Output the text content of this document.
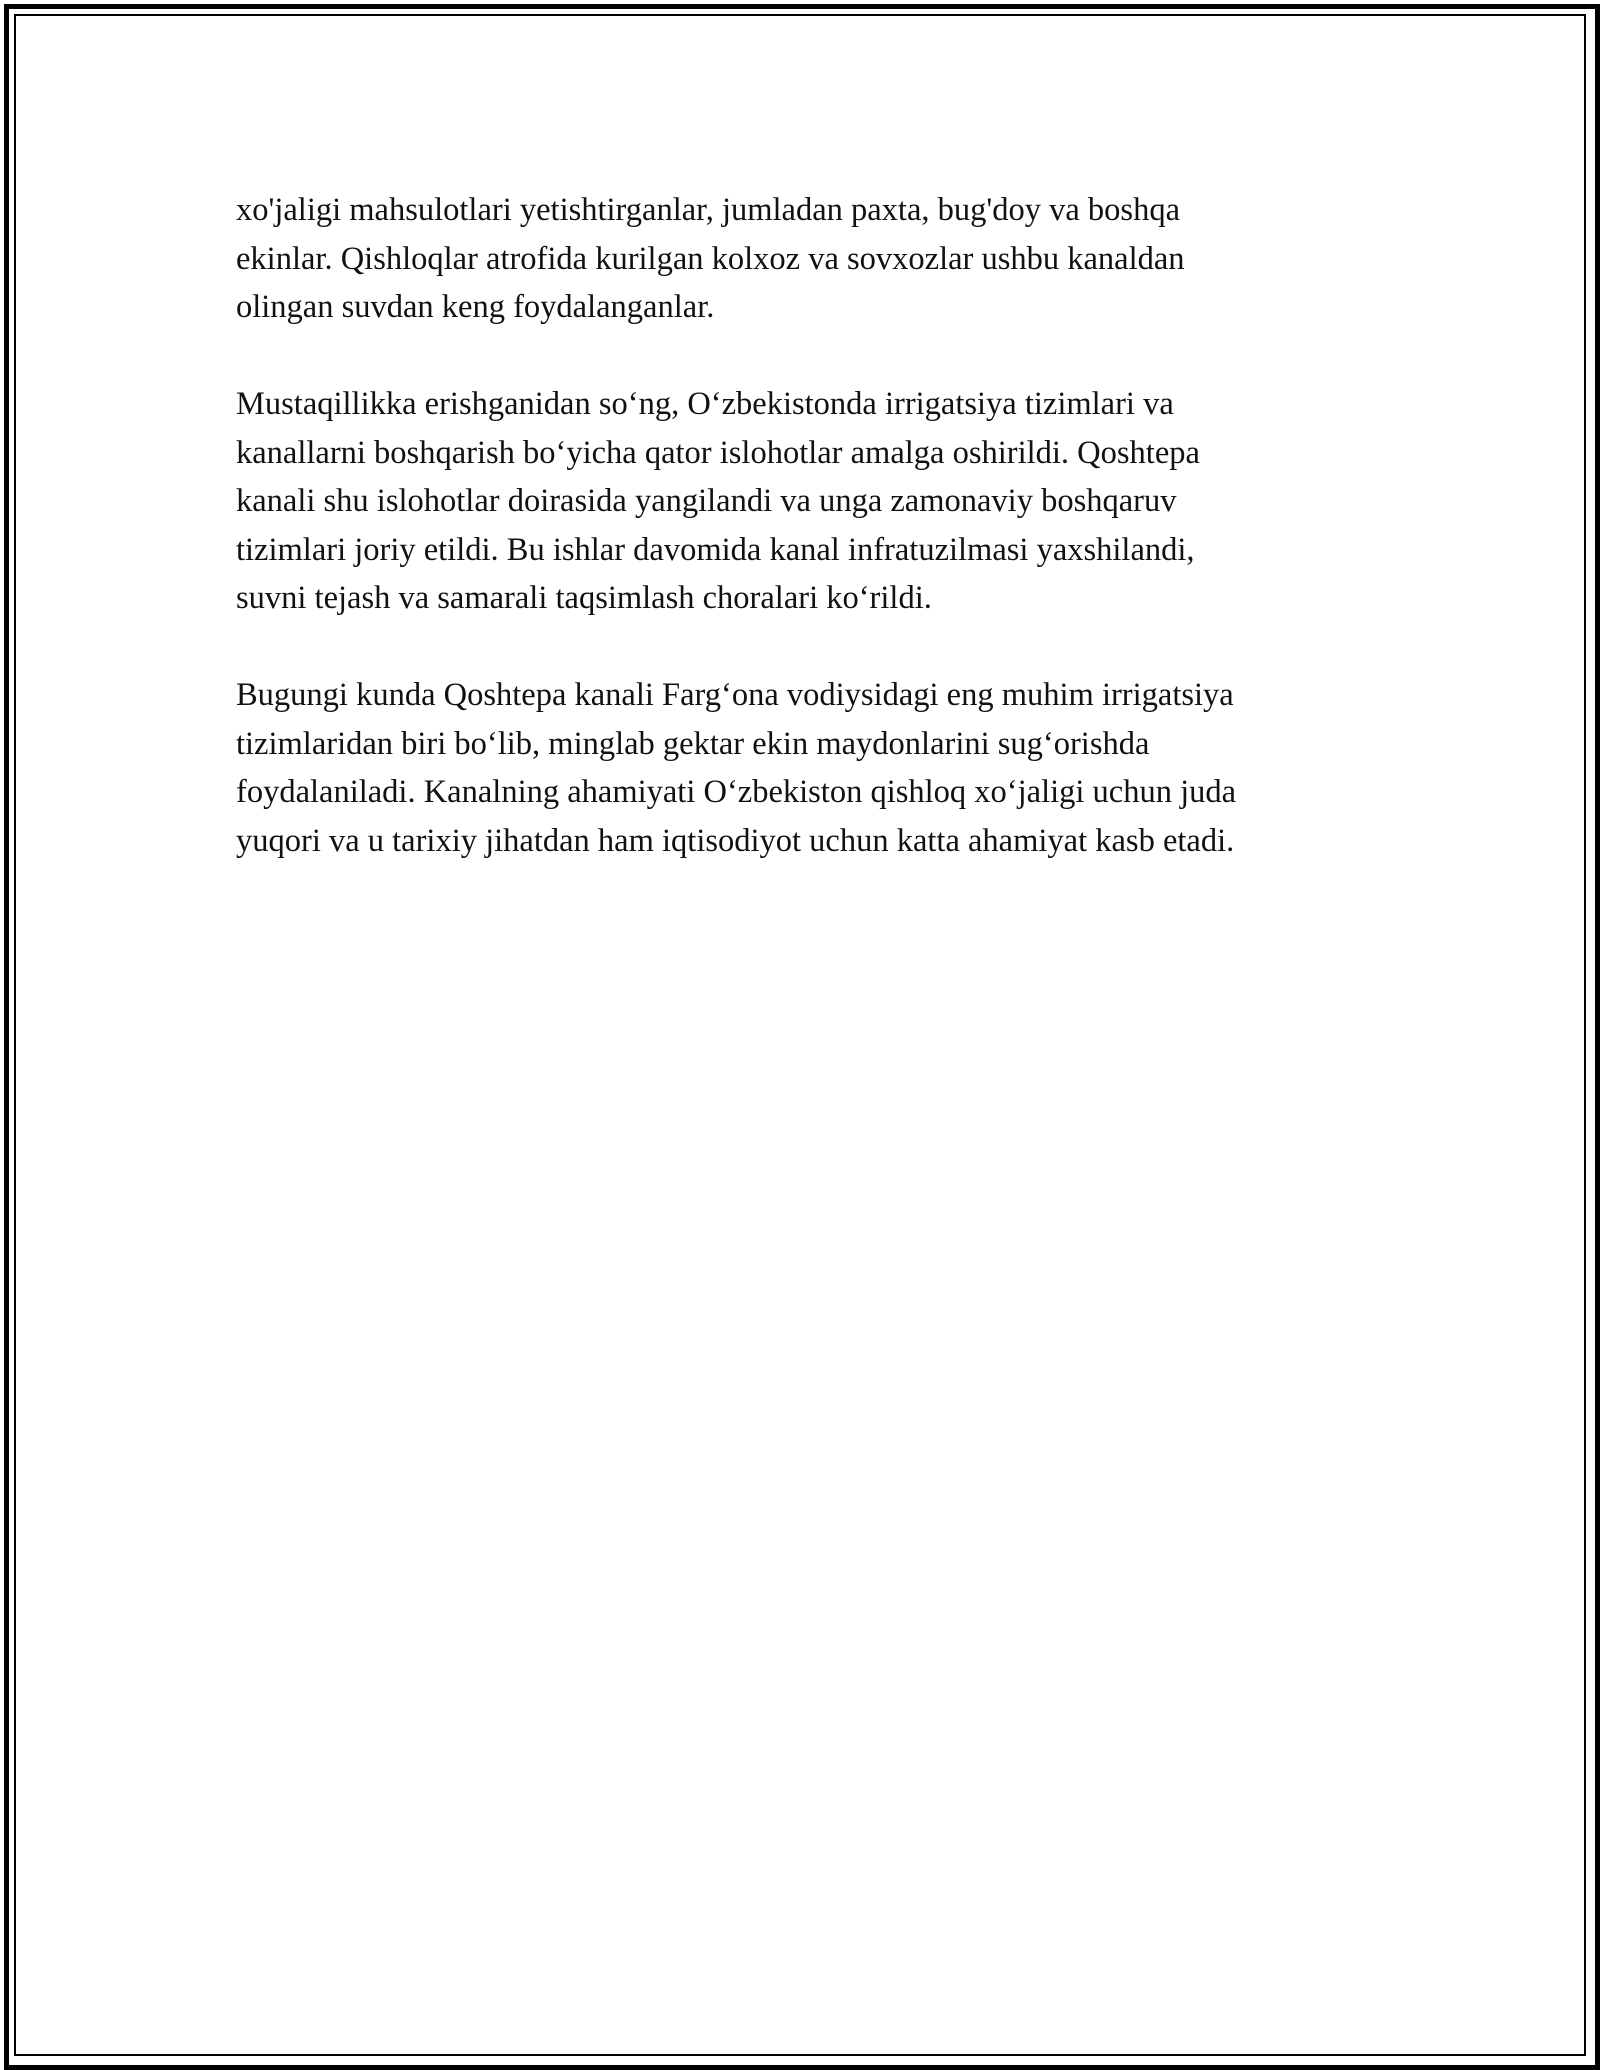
xo'jaligi mahsulotlari yetishtirganlar, jumladan paxta, bug'doy va boshqa
ekinlar. Qishloqlar atrofida kurilgan kolxoz va sovxozlar ushbu kanaldan
olingan suvdan keng foydalanganlar.

Mustaqillikka erishganidan so‘ng, O‘zbekistonda irrigatsiya tizimlari va
kanallarni boshqarish bo‘yicha qator islohotlar amalga oshirildi. Qoshtepa
kanali shu islohotlar doirasida yangilandi va unga zamonaviy boshqaruv
tizimlari joriy etildi. Bu ishlar davomida kanal infratuzilmasi yaxshilandi,
suvni tejash va samarali taqsimlash choralari ko‘rildi.

Bugungi kunda Qoshtepa kanali Farg‘ona vodiysidagi eng muhim irrigatsiya
tizimlaridan biri bo‘lib, minglab gektar ekin maydonlarini sug‘orishda
foydalaniladi. Kanalning ahamiyati O‘zbekiston qishloq xo‘jaligi uchun juda
yuqori va u tarixiy jihatdan ham iqtisodiyot uchun katta ahamiyat kasb etadi.
